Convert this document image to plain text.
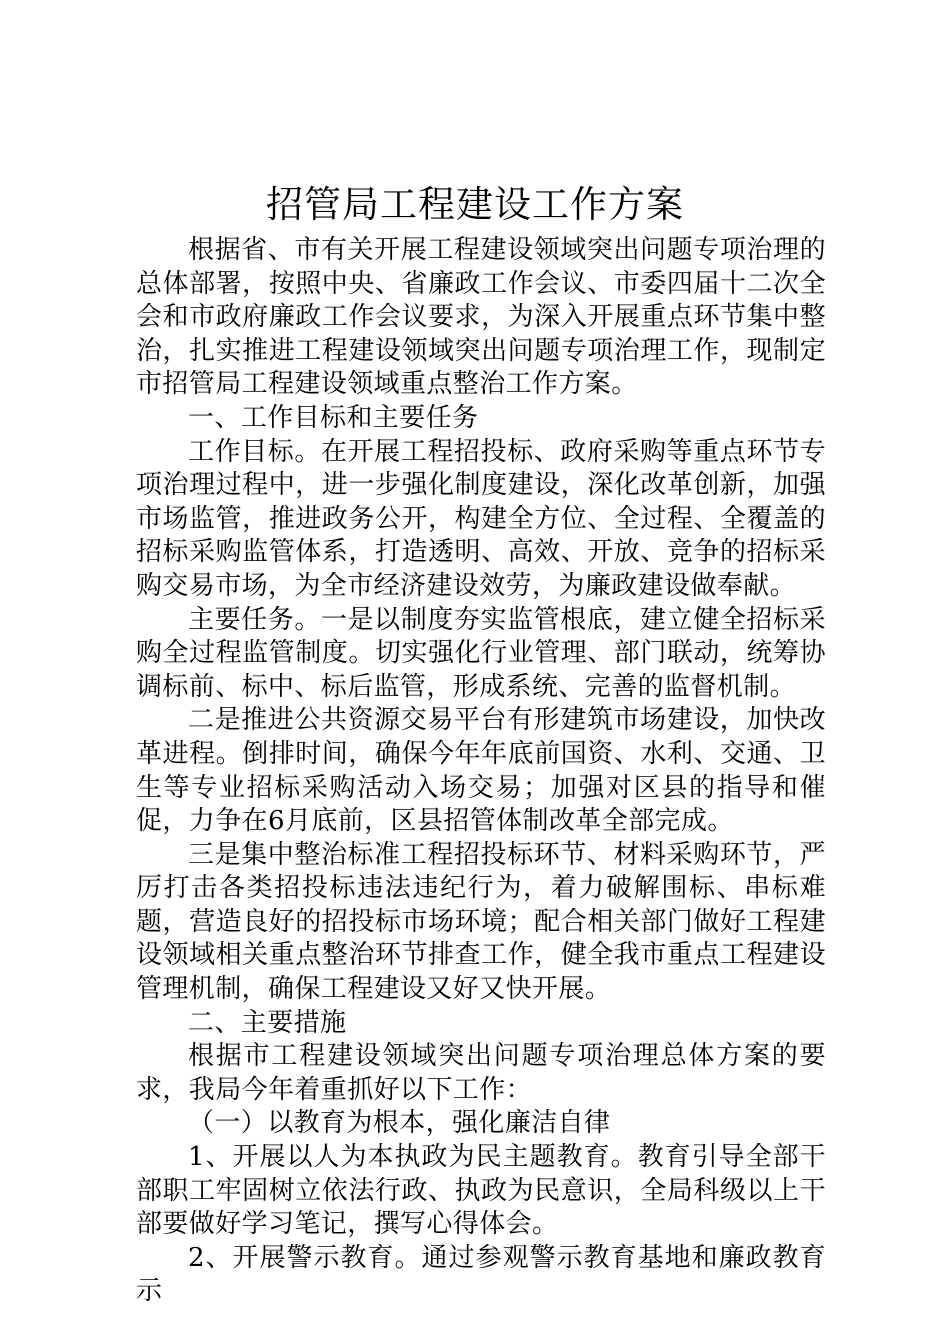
招管局工程建设工作方案

根据省、市有关开展工程建设领域突出问题专项治理的总体部署，按照中央、省廉政工作会议、市委四届十二次全会和市政府廉政工作会议要求，为深入开展重点环节集中整治，扎实推进工程建设领域突出问题专项治理工作，现制定市招管局工程建设领域重点整治工作方案。

一、工作目标和主要任务

工作目标。在开展工程招投标、政府采购等重点环节专项治理过程中，进一步强化制度建设，深化改革创新，加强市场监管，推进政务公开，构建全方位、全过程、全覆盖的招标采购监管体系，打造透明、高效、开放、竞争的招标采购交易市场，为全市经济建设效劳，为廉政建设做奉献。

主要任务。一是以制度夯实监管根底，建立健全招标采购全过程监管制度。切实强化行业管理、部门联动，统筹协调标前、标中、标后监管，形成系统、完善的监督机制。

二是推进公共资源交易平台有形建筑市场建设，加快改革进程。倒排时间，确保今年年底前国资、水利、交通、卫生等专业招标采购活动入场交易；加强对区县的指导和催促，力争在6月底前，区县招管体制改革全部完成。

三是集中整治标准工程招投标环节、材料采购环节，严厉打击各类招投标违法违纪行为，着力破解围标、串标难题，营造良好的招投标市场环境；配合相关部门做好工程建设领域相关重点整治环节排查工作，健全我市重点工程建设管理机制，确保工程建设又好又快开展。

二、主要措施

根据市工程建设领域突出问题专项治理总体方案的要求，我局今年着重抓好以下工作：

（一）以教育为根本，强化廉洁自律

1、开展以人为本执政为民主题教育。教育引导全部干部职工牢固树立依法行政、执政为民意识，全局科级以上干部要做好学习笔记，撰写心得体会。

2、开展警示教育。通过参观警示教育基地和廉政教育示
